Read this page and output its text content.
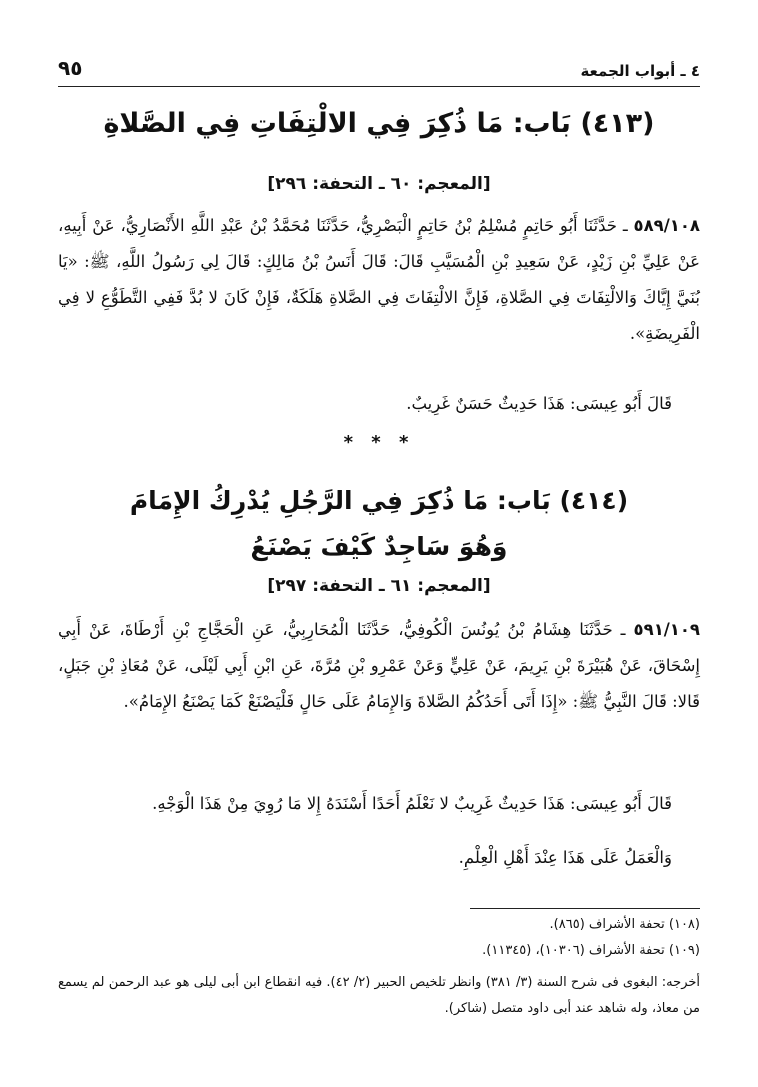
٤ ـ أبواب الجمعة
٩٥
(٤١٣) بَاب: مَا ذُكِرَ فِي الالْتِفَاتِ فِي الصَّلاةِ
[المعجم: ٦٠ ـ التحفة: ٢٩٦]
٥٨٩/١٠٨ ـ حَدَّثَنَا أَبُو حَاتِمٍ مُسْلِمُ بْنُ حَاتِمٍ الْبَصْرِيُّ، حَدَّثَنَا مُحَمَّدُ بْنُ عَبْدِ اللَّهِ الأَنْصَارِيُّ، عَنْ أَبِيهِ، عَنْ عَلِيِّ بْنِ زَيْدٍ، عَنْ سَعِيدِ بْنِ الْمُسَيَّبِ قَالَ: قَالَ أَنَسُ بْنُ مَالِكٍ: قَالَ لِي رَسُولُ اللَّهِ، ﷺ: «يَا بُنَيَّ إِيَّاكَ وَالالْتِفَاتَ فِي الصَّلاةِ، فَإِنَّ الالْتِفَاتَ فِي الصَّلاةِ هَلَكَةٌ، فَإِنْ كَانَ لا بُدَّ فَفِي التَّطَوُّعِ لا فِي الْفَرِيضَةِ».
قَالَ أَبُو عِيسَى: هَذَا حَدِيثٌ حَسَنٌ غَرِيبٌ.
* * *
(٤١٤) بَاب: مَا ذُكِرَ فِي الرَّجُلِ يُدْرِكُ الإِمَامَ
وَهُوَ سَاجِدٌ كَيْفَ يَصْنَعُ
[المعجم: ٦١ ـ التحفة: ٢٩٧]
٥٩١/١٠٩ ـ حَدَّثَنَا هِشَامُ بْنُ يُونُسَ الْكُوفِيُّ، حَدَّثَنَا الْمُحَارِبِيُّ، عَنِ الْحَجَّاجِ بْنِ أَرْطَاةَ، عَنْ أَبِي إِسْحَاقَ، عَنْ هُبَيْرَةَ بْنِ يَرِيمَ، عَنْ عَلِيٍّ وَعَنْ عَمْرِو بْنِ مُرَّةَ، عَنِ ابْنِ أَبِي لَيْلَى، عَنْ مُعَاذِ بْنِ جَبَلٍ، قَالا: قَالَ النَّبِيُّ ﷺ: «إِذَا أَتَى أَحَدُكُمُ الصَّلاةَ وَالإِمَامُ عَلَى حَالٍ فَلْيَصْنَعْ كَمَا يَصْنَعُ الإِمَامُ».
قَالَ أَبُو عِيسَى: هَذَا حَدِيثٌ غَرِيبٌ لا نَعْلَمُ أَحَدًا أَسْنَدَهُ إِلا مَا رُوِيَ مِنْ هَذَا الْوَجْهِ.
وَالْعَمَلُ عَلَى هَذَا عِنْدَ أَهْلِ الْعِلْمِ.
(١٠٨) تحفة الأشراف (٨٦٥).
(١٠٩) تحفة الأشراف (١٠٣٠٦)، (١١٣٤٥).
أخرجه: البغوى فى شرح السنة (٣/ ٣٨١) وانظر تلخيص الحبير (٢/ ٤٢). فيه انقطاع ابن أبى ليلى هو عبد الرحمن لم يسمع من معاذ، وله شاهد عند أبى داود متصل (شاكر).
